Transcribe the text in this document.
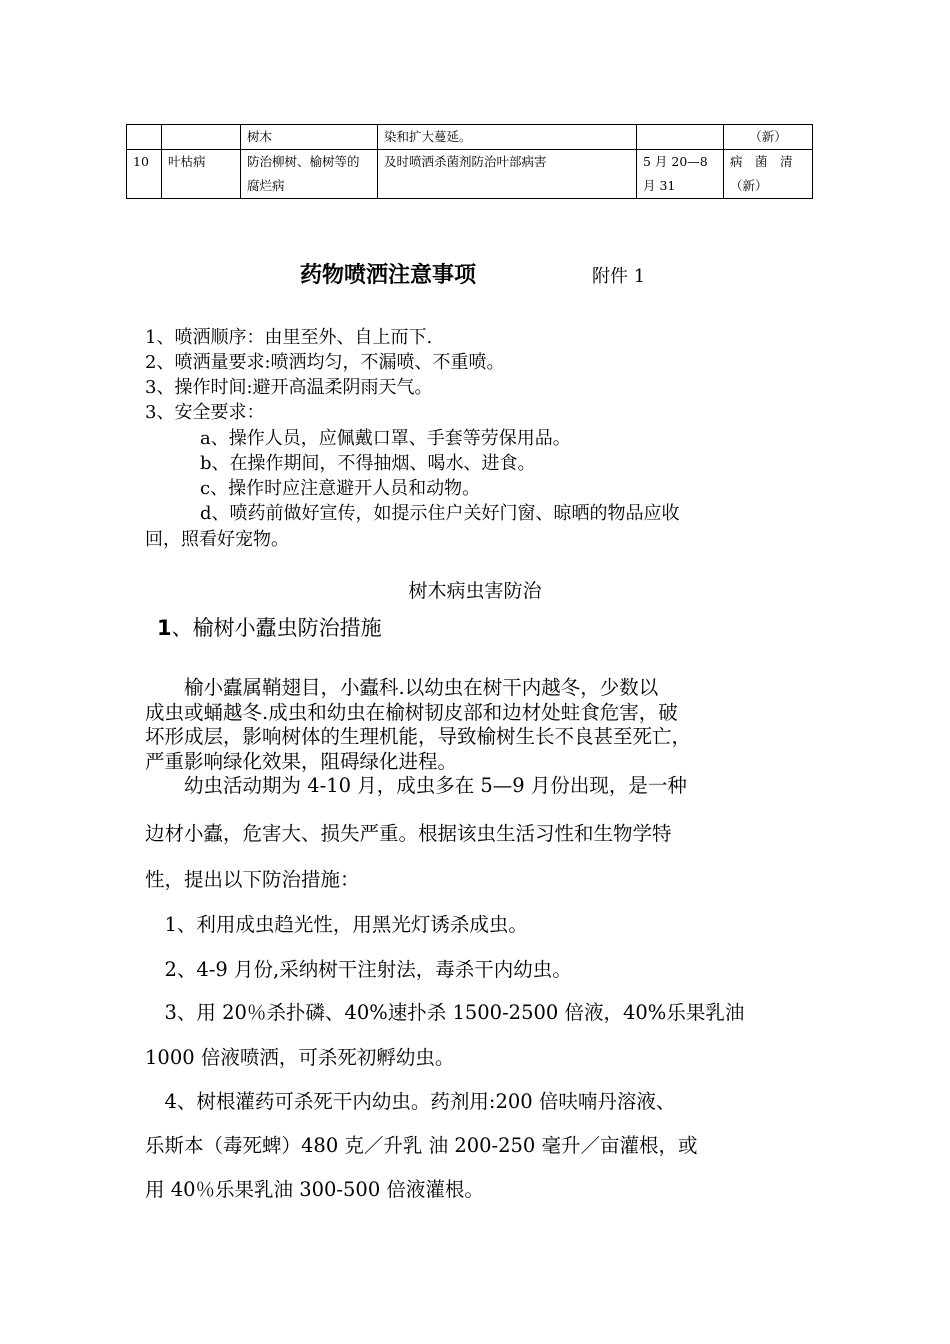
		树木	染和扩大蔓延。		（新）
10	叶枯病	防治柳树、榆树等的腐烂病	及时喷洒杀菌剂防治叶部病害	5 月 20—8 月 31	病　菌　清（新）
药物喷洒注意事项	附件 1
1、喷洒顺序：由里至外、自上而下.
2、喷洒量要求:喷洒均匀，不漏喷、不重喷。
3、操作时间:避开高温柔阴雨天气。
3、安全要求：
a、操作人员，应佩戴口罩、手套等劳保用品。
b、在操作期间，不得抽烟、喝水、进食。
c、操作时应注意避开人员和动物。
d、喷药前做好宣传，如提示住户关好门窗、晾晒的物品应收
回，照看好宠物。
树木病虫害防治
1、榆树小蠹虫防治措施

　　榆小蠹属鞘翅目，小蠹科.以幼虫在树干内越冬，少数以

成虫或蛹越冬.成虫和幼虫在榆树韧皮部和边材处蛀食危害，破

坏形成层，影响树体的生理机能，导致榆树生长不良甚至死亡，

严重影响绿化效果，阻碍绿化进程。

　　幼虫活动期为 4-10 月，成虫多在 5—9 月份出现，是一种

边材小蠹，危害大、损失严重。根据该虫生活习性和生物学特
性，提出以下防治措施：
　1、利用成虫趋光性，用黑光灯诱杀成虫。
　2、4-9 月份,采纳树干注射法，毒杀干内幼虫。
　3、用 20％杀扑磷、40%速扑杀 1500-2500 倍液，40%乐果乳油
1000 倍液喷洒，可杀死初孵幼虫。
　4、树根灌药可杀死干内幼虫。药剂用:200 倍呋喃丹溶液、
乐斯本（毒死蜱）480 克／升乳 油 200-250 毫升／亩灌根，或
用 40％乐果乳油 300-500 倍液灌根。
